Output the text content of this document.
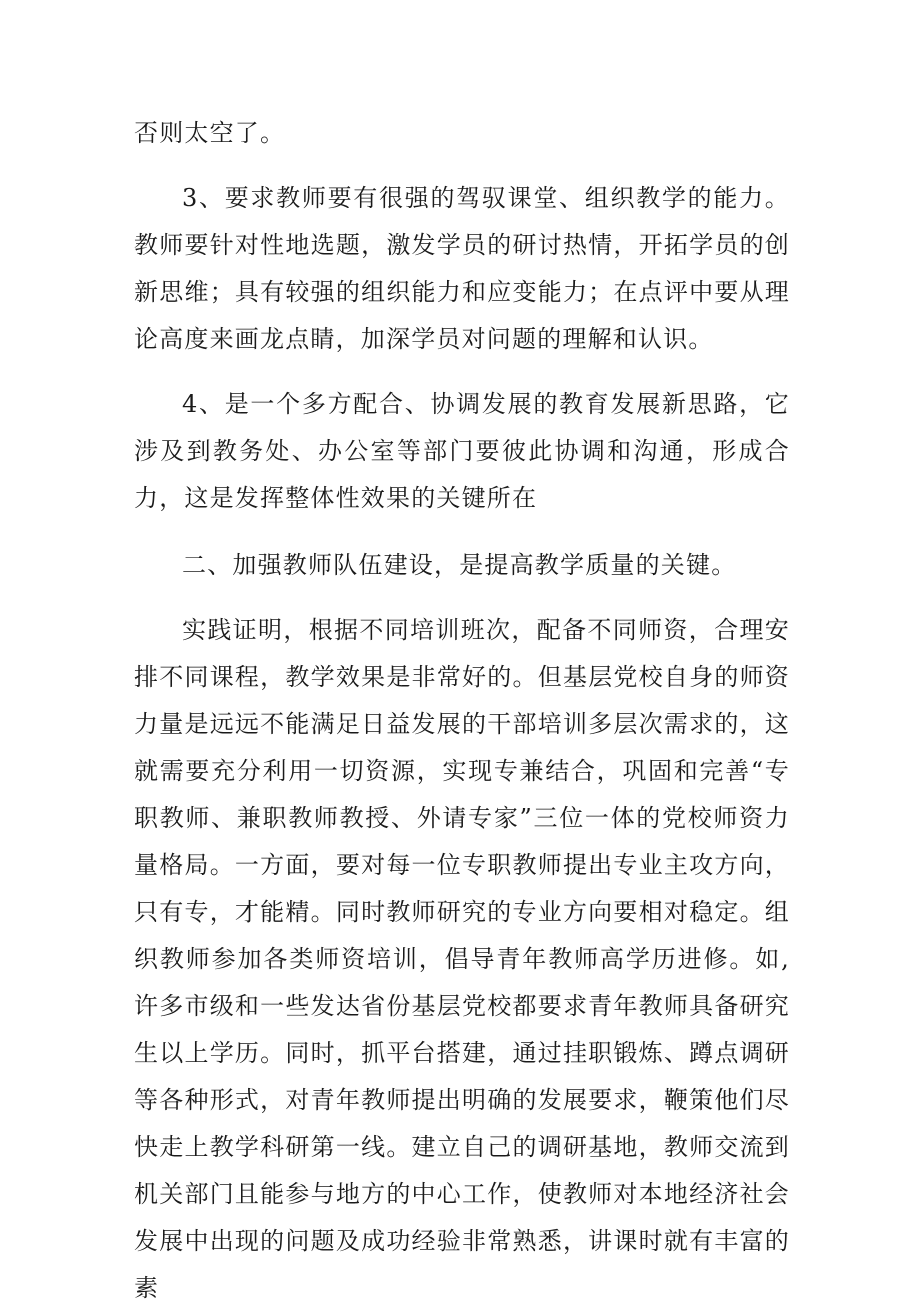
否则太空了。

3、要求教师要有很强的驾驭课堂、组织教学的能力。教师要针对性地选题，激发学员的研讨热情，开拓学员的创新思维；具有较强的组织能力和应变能力；在点评中要从理论高度来画龙点睛，加深学员对问题的理解和认识。

4、是一个多方配合、协调发展的教育发展新思路，它涉及到教务处、办公室等部门要彼此协调和沟通，形成合力，这是发挥整体性效果的关键所在

二、加强教师队伍建设，是提高教学质量的关键。

实践证明，根据不同培训班次，配备不同师资，合理安排不同课程，教学效果是非常好的。但基层党校自身的师资力量是远远不能满足日益发展的干部培训多层次需求的，这就需要充分利用一切资源，实现专兼结合，巩固和完善“专职教师、兼职教师教授、外请专家”三位一体的党校师资力量格局。一方面，要对每一位专职教师提出专业主攻方向，只有专，才能精。同时教师研究的专业方向要相对稳定。组织教师参加各类师资培训，倡导青年教师高学历进修。如,许多市级和一些发达省份基层党校都要求青年教师具备研究生以上学历。同时，抓平台搭建，通过挂职锻炼、蹲点调研等各种形式，对青年教师提出明确的发展要求，鞭策他们尽快走上教学科研第一线。建立自己的调研基地，教师交流到机关部门且能参与地方的中心工作，使教师对本地经济社会发展中出现的问题及成功经验非常熟悉，讲课时就有丰富的素
